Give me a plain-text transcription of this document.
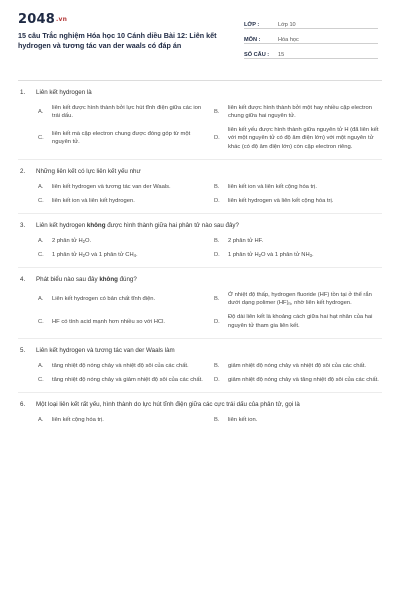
2048.vn
15 câu Trắc nghiệm Hóa học 10 Cánh diều Bài 12: Liên kết hydrogen và tương tác van der waals có đáp án
LỚP :	Lớp 10
MÔN :	Hóa học
SỐ CÂU :	15
1. Liên kết hydrogen là
A.
liên kết được hình thành bởi lực hút tĩnh điện giữa các ion trái dấu.
B.
liên kết được hình thành bởi một hay nhiều cặp electron chung giữa hai nguyên tử.
C.
liên kết mà cặp electron chung được đóng góp từ một nguyên tử.
D.
liên kết yếu được hình thành giữa nguyên tử H (đã liên kết với một nguyên tử có độ âm điện lớn) với một nguyên tử khác (có độ âm điện lớn) còn cặp electron riêng.
2. Những liên kết có lực liên kết yếu như
A.	liên kết hydrogen và tương tác van der Waals.	B.	liên kết ion và liên kết cộng hóa trị.
C.	liên kết ion và liên kết hydrogen.	D.	liên kết hydrogen và liên kết cộng hóa trị.
3. Liên kết hydrogen không được hình thành giữa hai phân tử nào sau đây?
A.	2 phân tử $H_2O$.	B.	2 phân tử HF.
C.	1 phân tử $H_2O$ và 1 phân tử $CH_4$.	D.	1 phân tử $H_2O$ và 1 phân tử $NH_3$.
4. Phát biểu nào sau đây không đúng?
A.	Liên kết hydrogen có bản chất tĩnh điện.	B.
Ở nhiệt độ thấp, hydrogen fluoride (HF) tồn tại ở thể rắn dưới dạng polimer $(HF)_n$, nhờ liên kết hydrogen.
C.	HF có tính acid mạnh hơn nhiều so với HCl.	D.
Độ dài liên kết là khoảng cách giữa hai hạt nhân của hai nguyên tử tham gia liên kết.
5. Liên kết hydrogen và tương tác van der Waals làm
A.	tăng nhiệt độ nóng chảy và nhiệt độ sôi của các chất.	B.	giảm nhiệt độ nóng chảy và nhiệt độ sôi của các chất.
C.	tăng nhiệt độ nóng chảy và giảm nhiệt độ sôi của các chất.	D.	giảm nhiệt độ nóng chảy và tăng nhiệt độ sôi của các chất.
6. Một loại liên kết rất yếu, hình thành do lực hút tĩnh điện giữa các cực trái dấu của phân tử, gọi là
A.	liên kết cộng hóa trị.	B.	liên kết ion.
